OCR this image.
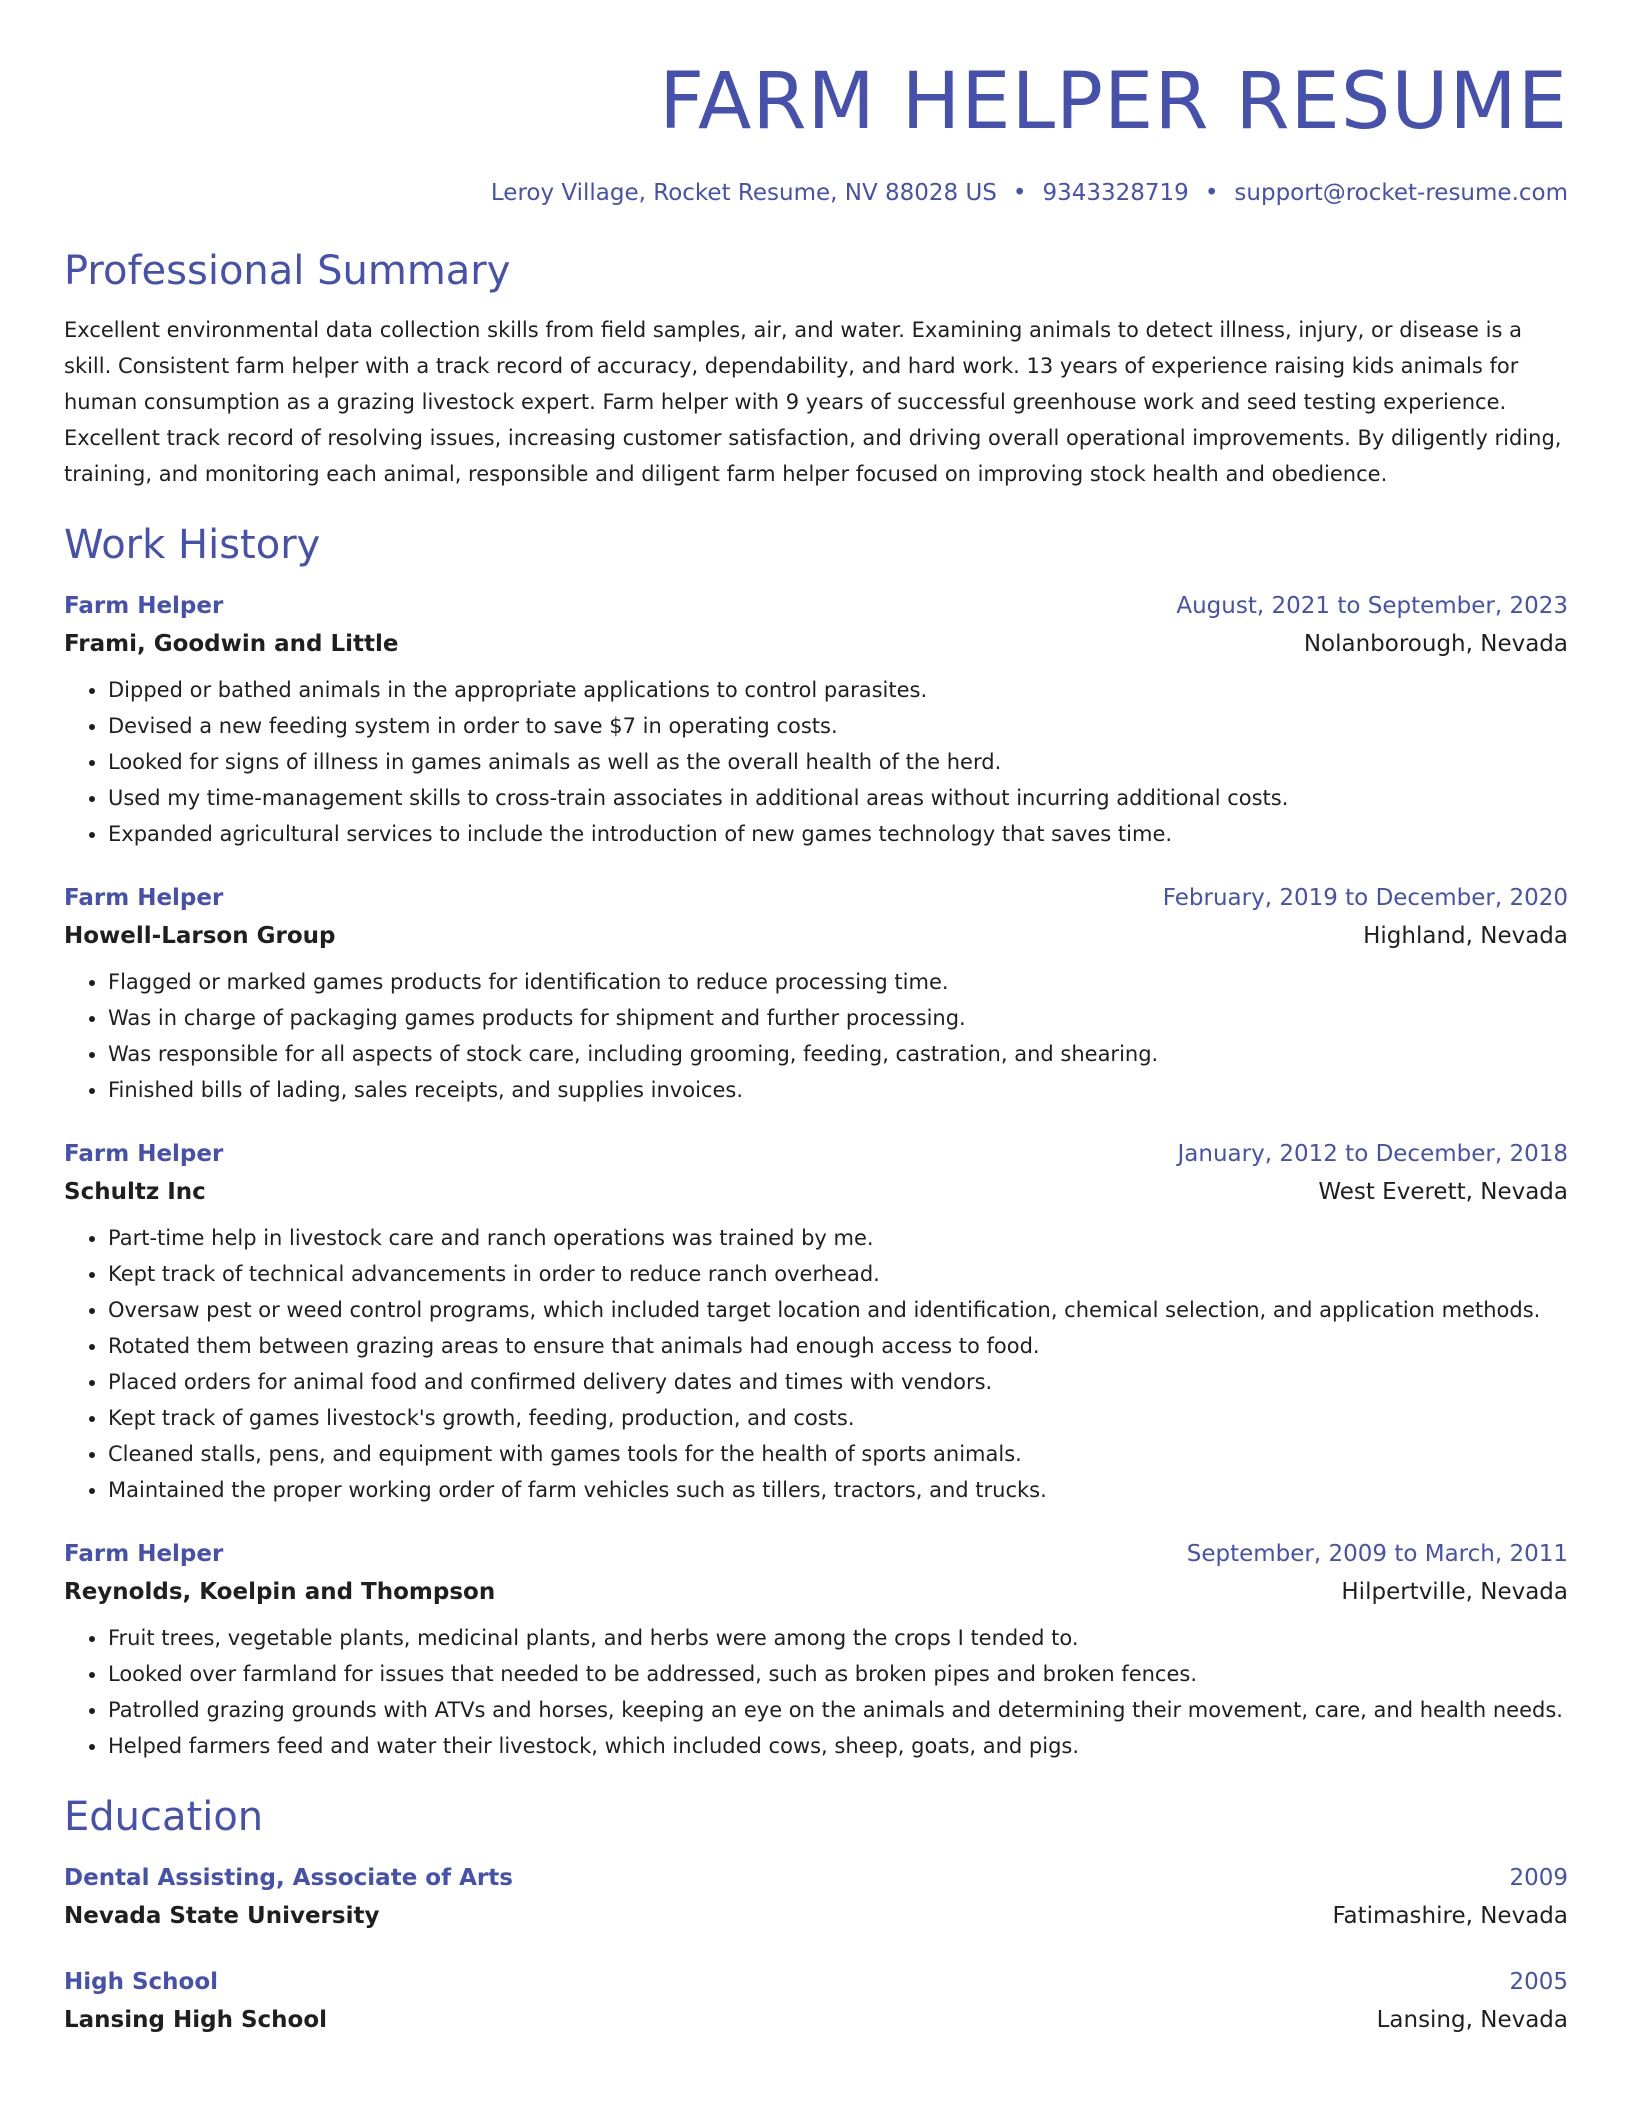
FARM HELPER RESUME
Leroy Village, Rocket Resume, NV 88028 US • 9343328719 • support@rocket-resume.com
Professional Summary
Excellent environmental data collection skills from field samples, air, and water. Examining animals to detect illness, injury, or disease is a skill. Consistent farm helper with a track record of accuracy, dependability, and hard work. 13 years of experience raising kids animals for human consumption as a grazing livestock expert. Farm helper with 9 years of successful greenhouse work and seed testing experience. Excellent track record of resolving issues, increasing customer satisfaction, and driving overall operational improvements. By diligently riding, training, and monitoring each animal, responsible and diligent farm helper focused on improving stock health and obedience.
Work History
Farm Helper	August, 2021 to September, 2023
Frami, Goodwin and Little	Nolanborough, Nevada
• Dipped or bathed animals in the appropriate applications to control parasites.
• Devised a new feeding system in order to save $7 in operating costs.
• Looked for signs of illness in games animals as well as the overall health of the herd.
• Used my time-management skills to cross-train associates in additional areas without incurring additional costs.
• Expanded agricultural services to include the introduction of new games technology that saves time.
Farm Helper	February, 2019 to December, 2020
Howell-Larson Group	Highland, Nevada
• Flagged or marked games products for identification to reduce processing time.
• Was in charge of packaging games products for shipment and further processing.
• Was responsible for all aspects of stock care, including grooming, feeding, castration, and shearing.
• Finished bills of lading, sales receipts, and supplies invoices.
Farm Helper	January, 2012 to December, 2018
Schultz Inc	West Everett, Nevada
• Part-time help in livestock care and ranch operations was trained by me.
• Kept track of technical advancements in order to reduce ranch overhead.
• Oversaw pest or weed control programs, which included target location and identification, chemical selection, and application methods.
• Rotated them between grazing areas to ensure that animals had enough access to food.
• Placed orders for animal food and confirmed delivery dates and times with vendors.
• Kept track of games livestock's growth, feeding, production, and costs.
• Cleaned stalls, pens, and equipment with games tools for the health of sports animals.
• Maintained the proper working order of farm vehicles such as tillers, tractors, and trucks.
Farm Helper	September, 2009 to March, 2011
Reynolds, Koelpin and Thompson	Hilpertville, Nevada
• Fruit trees, vegetable plants, medicinal plants, and herbs were among the crops I tended to.
• Looked over farmland for issues that needed to be addressed, such as broken pipes and broken fences.
• Patrolled grazing grounds with ATVs and horses, keeping an eye on the animals and determining their movement, care, and health needs.
• Helped farmers feed and water their livestock, which included cows, sheep, goats, and pigs.
Education
Dental Assisting, Associate of Arts	2009
Nevada State University	Fatimashire, Nevada
High School	2005
Lansing High School	Lansing, Nevada
